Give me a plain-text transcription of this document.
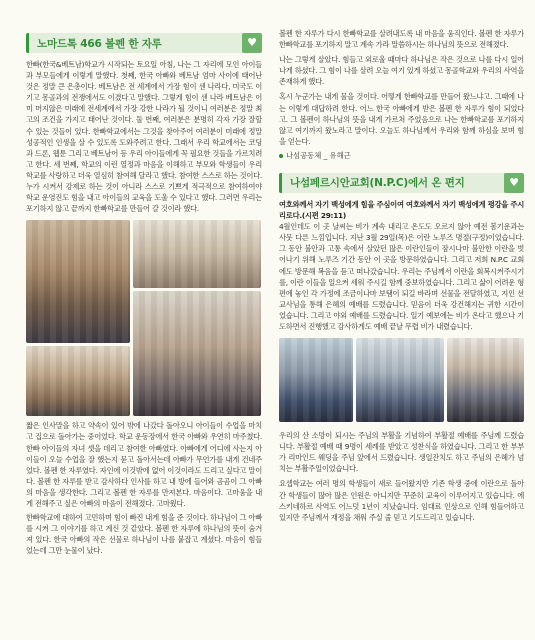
노마드톡 466 볼펜 한 자루	♥

한빠(한국&베트남)학교가 시작되는 토요일 아침, 나는 그 자리에 모인 아이들과 부모들에게 이렇게 말했다. 첫째, 한국 아빠와 베트남 엄마 사이에 태어난 것은 정말 큰 은총이다. 베트남은 전 세계에서 가장 힘이 센 나라다, 미국도 이기고 몽골과의 전쟁에서도 이겼다고 말했다. 그렇게 힘이 센 나라 베트남은 이미 머지않은 미래에 전세계에서 가장 강한 나라가 될 것이니 여러분은 정말 최고의 조건을 가지고 태어난 것이다. 둘 번째, 여러분은 분명히 각자 가장 잘할 수 있는 것들이 있다. 한빠학교에서는 그것을 찾아주어 여러분이 미래에 정말 성공적인 인생을 살 수 있도록 도와주려고 한다. 그래서 우리 학교에서는 코딩과 드론, 웹툰 그리고 베트남어 등 우리 아이들에게 꼭 필요한 것들을 가르치려고 한다. 세 번째, 학교의 이런 열정과 마음을 이해하고 부모와 학생들이 우리 학교를 사랑하고 더욱 열심히 참여해 달라고 했다. 참여한 스스로 하는 것이다. 누가 시켜서 강제로 하는 것이 아니라 스스로 기쁘게 적극적으로 참여하여야 학교 운영진도 힘을 내고 아이들의 교육을 도울 수 있다고 했다. 그러면 우리는 포기하지 않고 끝까지 한빠학교를 만들어 갈 것이라 했다.

짧은 인사말을 하고 약속이 있어 밖에 나갔다 돌아오니 아이들이 수업을 마치고 집으로 돌아가는 중이었다. 학교 운동장에서 한국 아빠와 우연히 마주쳤다. 한빠 아이들의 자녀 셋을 데리고 참여한 아빠였다. 아빠에게 어디에 사는지 아이들이 오늘 수업을 잘 했는지 묻고 돌아서는데 아빠가 무언가를 내게 건네주었다. 볼펜 한 자루였다. 자인에 이것밖에 없어 이것이라도 드리고 싶다고 말이다. 볼펜 한 자루를 받고 감사하다 인사를 하고 내 방에 들어와 곰곰이 그 아빠의 마음을 생각한다. 그리고 볼펜 한 자루를 만져본다. 마음이다. 고마움을 내게 전해주고 싶은 아빠의 마음이 전해졌다. 고마웠다.

한빠학교에 대하여 고민하며 힘이 빠진 내게 힘을 준 것이다. 하나님이 그 아빠를 시켜 그 이야기를 하고 계신 것 같았다. 볼펜 한 자루에 하나님의 뜻이 숨겨져 있다. 한국 아빠의 작은 선물로 하나님이 나를 붙잡고 계셨다. 마음이 힘들었는데 그만 눈물이 났다.

볼펜 한 자루가 다시 한빠학교를 살려내도록 내 마음을 움직인다. 볼펜 한 자루가 한빠학교를 포기하지 말고 계속 가라 말씀하시는 하나님의 뜻으로 전해졌다.

나는 그렇게 살았다. 힘들고 외로울 때마다 하나님은 작은 것으로 나를 다시 일어나게 하셨다. 그 힘이 나를 살려 오늘 여기 있게 하셨고 몽골학교와 우리의 사역을 존재하게 했다.

혹시 누군가는 내게 물을 것이다. 어떻게 한빠학교를 만들어 왔느냐고. 그때에 나는 이렇게 대답하려 한다. 어느 한국 아빠에게 받은 볼펜 한 자루가 힘이 되었다고. 그 볼펜이 하나님의 뜻을 내게 가르쳐 주었음으로 나는 한빠학교를 포기하지 않고 여기까지 왔노라고 말이다. 오늘도 하나님께서 우리와 함께 하심을 보며 힘을 얻는다.

나섬공동체 _ 유해근
나섬페르시안교회(N.P.C)에서 온 편지	♥

여호와께서 자기 백성에게 힘을 주심이여 여호와께서 자기 백성에게 평강을 주시리로다.(시편 29:11)

4월인데도 이 곳 날씨는 비가 계속 내리고 온도도 오르지 않아 예전 봄기운과는 사뭇 다른 느낌입니다. 지난 3월 29일(목)은 이란 노루즈 명절(구정)이었습니다. 그 동안 불안과 고통 속에서 살았던 많은 이란인들이 잠시나마 불안한 이란을 벗어나기 위해 노루즈 기간 동안 이 곳을 방문하였습니다. 그리고 저희 N.P.C 교회에도 방문해 복음을 듣고 떠나갔습니다. 우리는 주님께서 이란을 회복시켜주시기를, 이란 이들을 일으켜 세워 주시길 함께 중보하였습니다. 그리고 삶이 어려운 형편에 놓인 각 가정에 조금이나마 보탬이 되길 바라며 선물을 전달하였고, 지인 선교사님을 통해 은혜의 예배를 드렸습니다. 믿음이 더욱 강건해지는 귀한 시간이었습니다. 그리고 야외 예배를 드렸습니다. 일기 예보에는 비가 온다고 했으나 기도하면서 진행했고 감사하게도 예배 끝날 무렵 비가 내렸습니다.

우리의 산 소망이 되시는 주님의 부활을 기념하여 부활절 예배를 주님께 드렸습니다. 부활절 예배 때 9명이 세례를 받았고 성찬식을 하였습니다. 그리고 한 부부가 리마인드 웨딩을 주님 앞에서 드렸습니다. 생일잔치도 하고 주님의 은혜가 넘치는 부활주일이었습니다.

요셉학교는 여러 명의 학생들이 새로 들어왔지만 기존 학생 중에 이란으로 돌아간 학생들이 많아 많은 인원은 아니지만 꾸준히 교육이 이루어지고 있습니다. 에스키네하르 사역도 어느덧 1년이 지났습니다. 임대료 인상으로 인해 힘들어하고 있지만 주님께서 재정을 채워 주실 줄 믿고 기도드리고 있습니다.
